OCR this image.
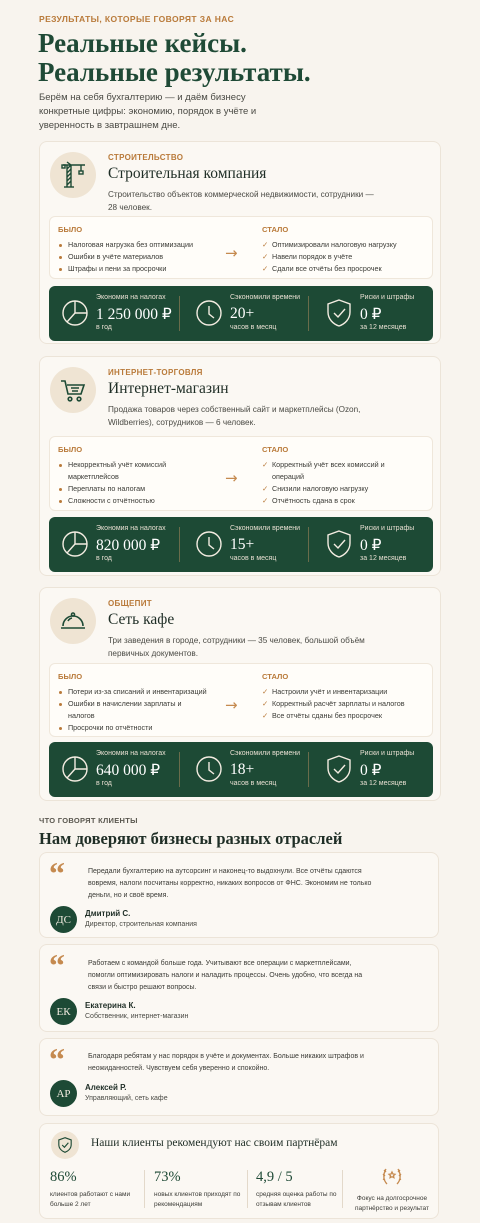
РЕЗУЛЬТАТЫ, КОТОРЫЕ ГОВОРЯТ ЗА НАС
Реальные кейсы.
Реальные результаты.

Берём на себя бухгалтерию — и даём бизнесу конкретные цифры: экономию, порядок в учёте и уверенность в завтрашнем дне.

СТРОИТЕЛЬСТВО
Строительная компания
Строительство объектов коммерческой недвижимости, сотрудники — 28 человек.
БЫЛО
Налоговая нагрузка без оптимизации
Ошибки в учёте материалов
Штрафы и пени за просрочки
→
СТАЛО
✓ Оптимизировали налоговую нагрузку
✓ Навели порядок в учёте
✓ Сдали все отчёты без просрочек
Экономия на налогах
1 250 000 ₽
в год
Сэкономили времени
20+
часов в месяц
Риски и штрафы
0 ₽
за 12 месяцев
ИНТЕРНЕТ-ТОРГОВЛЯ
Интернет-магазин
Продажа товаров через собственный сайт и маркетплейсы (Ozon, Wildberries), сотрудников — 6 человек.
БЫЛО
Некорректный учёт комиссий маркетплейсов
Переплаты по налогам
Сложности с отчётностью
→
СТАЛО
✓ Корректный учёт всех комиссий и операций
✓ Снизили налоговую нагрузку
✓ Отчётность сдана в срок
Экономия на налогах
820 000 ₽
в год
Сэкономили времени
15+
часов в месяц
Риски и штрафы
0 ₽
за 12 месяцев
ОБЩЕПИТ
Сеть кафе
Три заведения в городе, сотрудники — 35 человек, большой объём первичных документов.
БЫЛО
Потери из-за списаний и инвентаризаций
Ошибки в начислении зарплаты и налогов
Просрочки по отчётности
→
СТАЛО
✓ Настроили учёт и инвентаризации
✓ Корректный расчёт зарплаты и налогов
✓ Все отчёты сданы без просрочек
Экономия на налогах
640 000 ₽
в год
Сэкономили времени
18+
часов в месяц
Риски и штрафы
0 ₽
за 12 месяцев
ЧТО ГОВОРЯТ КЛИЕНТЫ
Нам доверяют бизнесы разных отраслей
“	Передали бухгалтерию на аутсорсинг и наконец-то выдохнули. Все отчёты сдаются вовремя, налоги посчитаны корректно, никаких вопросов от ФНС. Экономим не только деньги, но и своё время.

ДС	Дмитрий С.
Директор, строительная компания
“	Работаем с командой больше года. Учитывают все операции с маркетплейсами, помогли оптимизировать налоги и наладить процессы. Очень удобно, что всегда на связи и быстро решают вопросы.

ЕК	Екатерина К.
Собственник, интернет-магазин
“	Благодаря ребятам у нас порядок в учёте и документах. Больше никаких штрафов и неожиданностей. Чувствуем себя уверенно и спокойно.

АР	Алексей Р.
Управляющий, сеть кафе
Наши клиенты рекомендуют нас своим партнёрам
86%
клиентов работают с нами больше 2 лет
73%
новых клиентов приходят по рекомендациям
4,9 / 5
средняя оценка работы по отзывам клиентов
Фокус на долгосрочное партнёрство и результат
